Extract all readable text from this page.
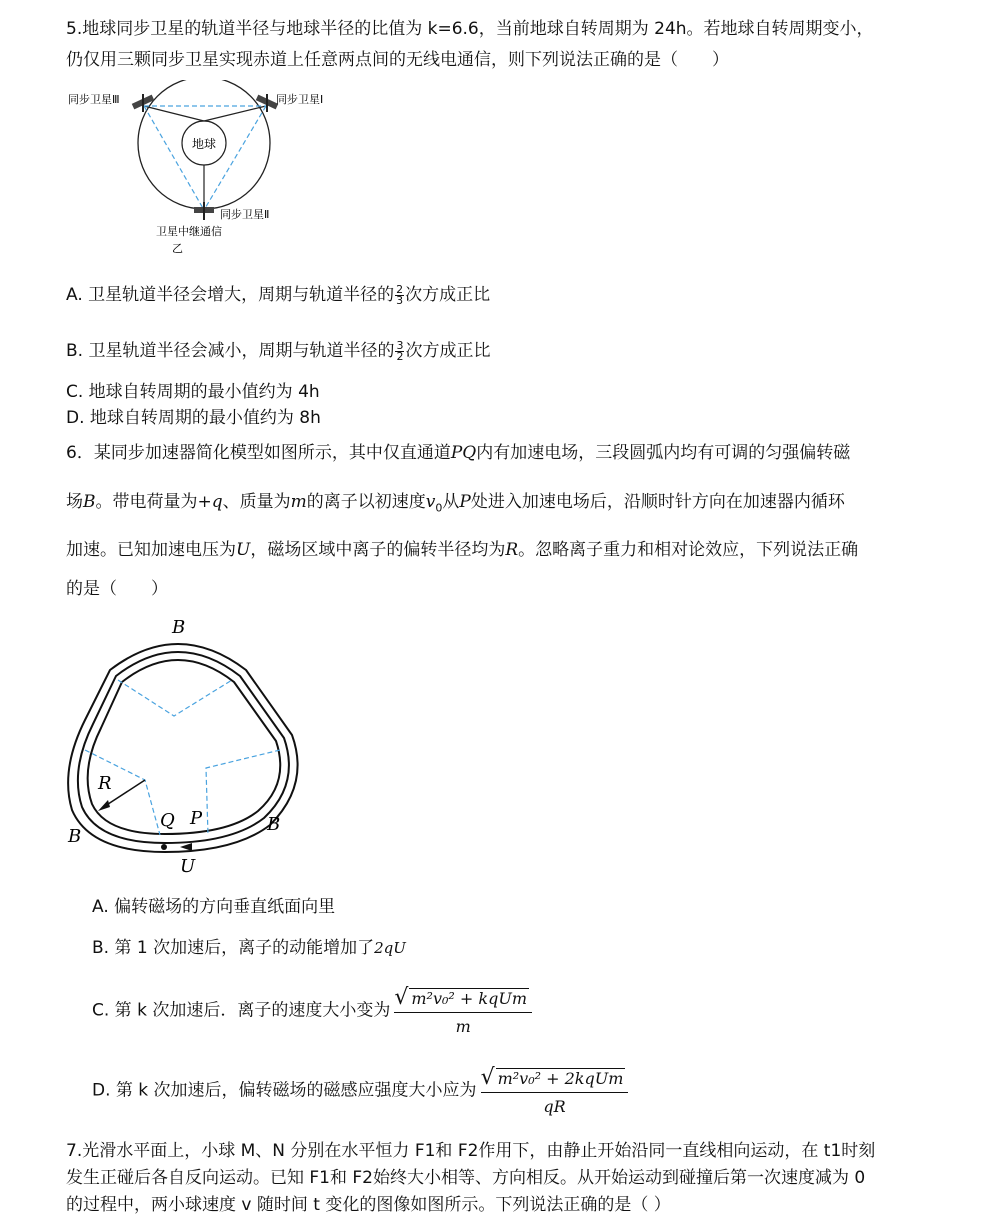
5.地球同步卫星的轨道半径与地球半径的比值为 k=6.6，当前地球自转周期为 24h。若地球自转周期变小，
仍仅用三颗同步卫星实现赤道上任意两点间的无线电通信，则下列说法正确的是（　　）
地球
同步卫星Ⅲ	同步卫星Ⅰ
同步卫星Ⅱ
卫星中继通信
乙
A. 卫星轨道半径会增大，周期与轨道半径的 $\frac{2}{3}$ 次方成正比
B. 卫星轨道半径会减小，周期与轨道半径的 $\frac{3}{2}$ 次方成正比
C. 地球自转周期的最小值约为 4h
D. 地球自转周期的最小值约为 8h
6．某同步加速器简化模型如图所示，其中仅直通道PQ内有加速电场，三段圆弧内均有可调的匀强偏转磁
场B。带电荷量为+q、质量为m的离子以初速度$v_0$从P处进入加速电场后，沿顺时针方向在加速器内循环
加速。已知加速电压为U，磁场区域中离子的偏转半径均为R。忽略离子重力和相对论效应，下列说法正确
的是（　　）
B
R
Q P
B
B
U
A. 偏转磁场的方向垂直纸面向里
B. 第 1 次加速后，离子的动能增加了2qU
C. 第 k 次加速后．离子的速度大小变为
√ m²v₀² + kqUm
m
D. 第 k 次加速后，偏转磁场的磁感应强度大小应为
√ m²v₀² + 2kqUm
qR
7.光滑水平面上，小球 M、N 分别在水平恒力 F1和 F2作用下，由静止开始沿同一直线相向运动，在 t1时刻
发生正碰后各自反向运动。已知 F1和 F2始终大小相等、方向相反。从开始运动到碰撞后第一次速度减为 0
的过程中，两小球速度 v 随时间 t 变化的图像如图所示。下列说法正确的是（ ）
